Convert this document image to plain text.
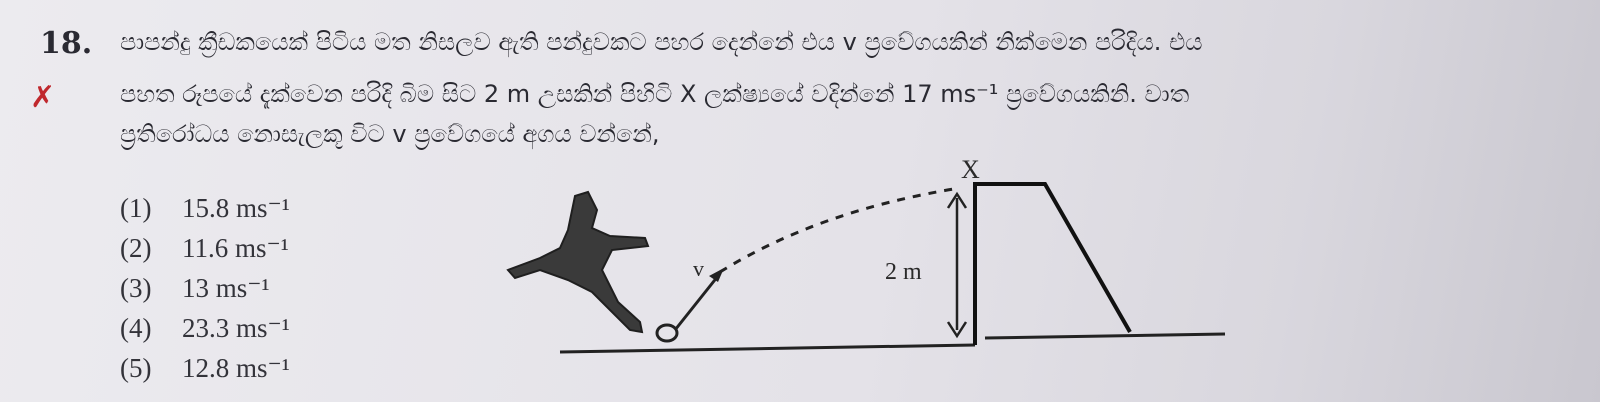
18.
✗
පාපන්දු ක්‍රීඩකයෙක් පිටිය මත නිසලව ඇති පන්දුවකට පහර දෙන්නේ එය v ප්‍රවේගයකින් නික්මෙන පරිදිය. එය
පහත රූපයේ දැක්වෙන පරිදි බිම සිට 2 m උසකින් පිහිටි X ලක්ෂ්‍යයේ වදින්නේ 17 ms⁻¹ ප්‍රවේගයකිනි. වාත
ප්‍රතිරෝධය නොසැලකූ විට v ප්‍රවේගයේ අගය වන්නේ,
(1) 15.8 ms⁻¹
(2) 11.6 ms⁻¹
(3) 13 ms⁻¹
(4) 23.3 ms⁻¹
(5) 12.8 ms⁻¹
v	2 m
X
